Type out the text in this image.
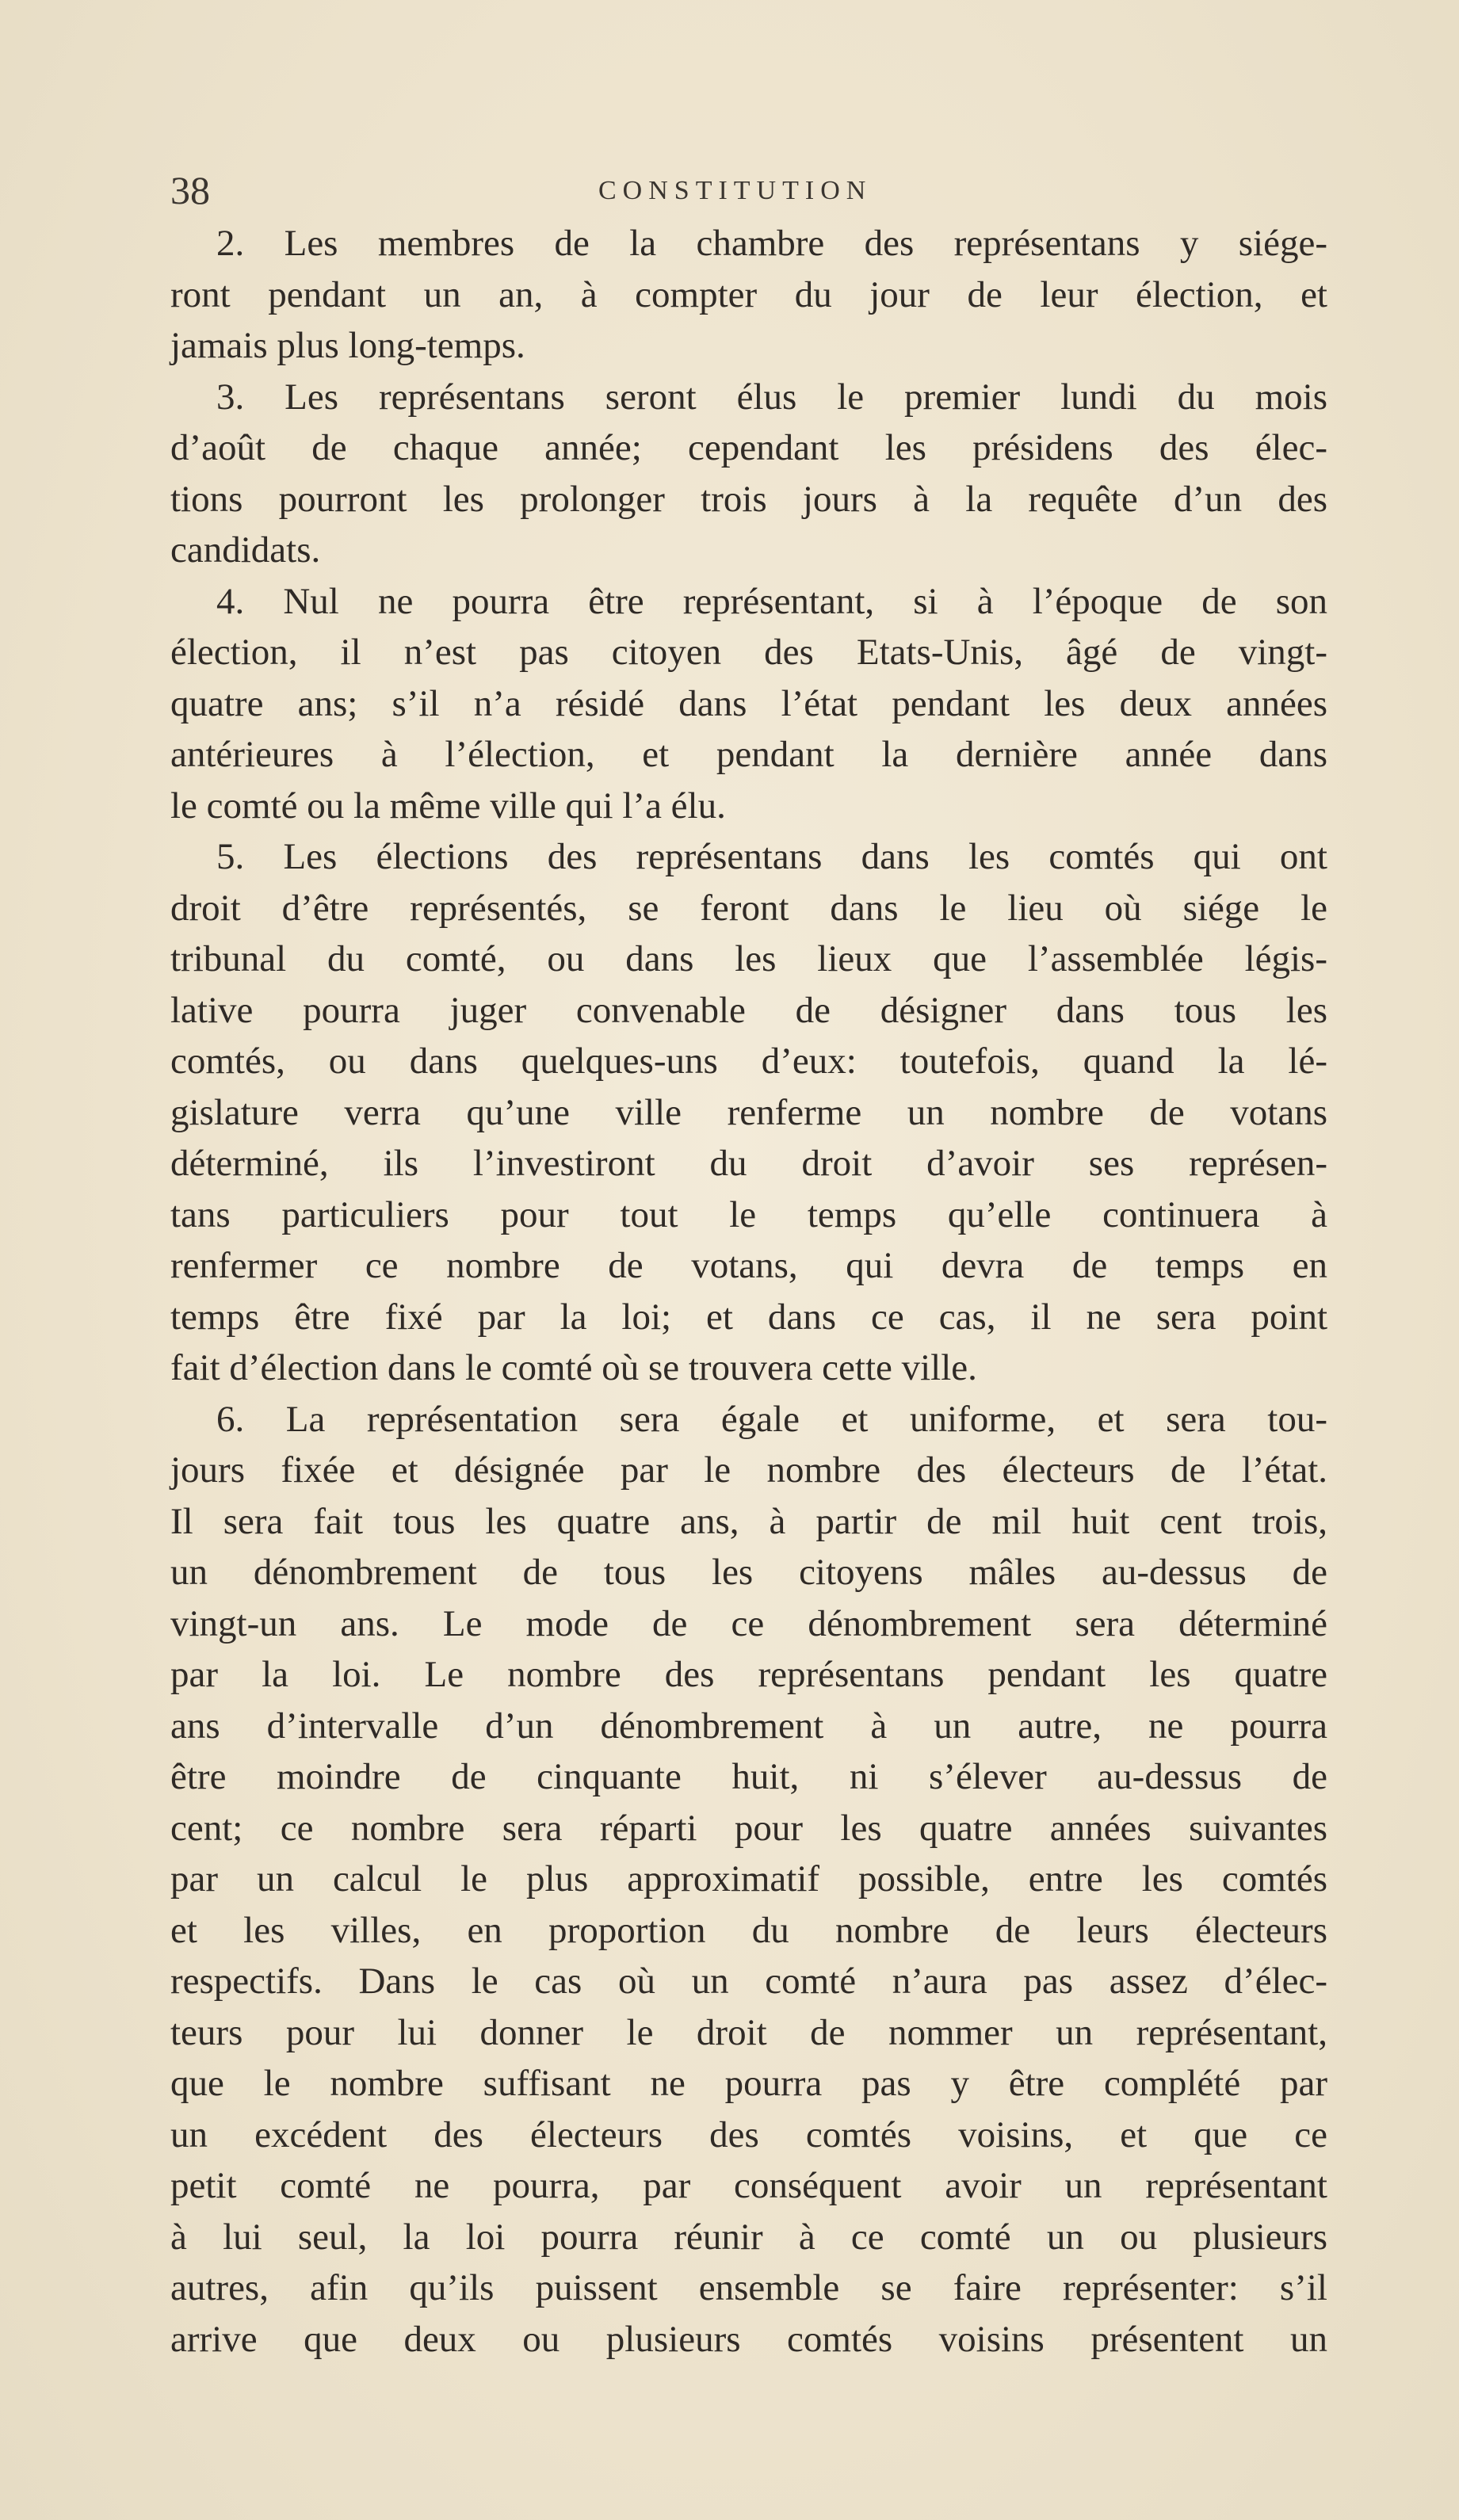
38	CONSTITUTION
2. Les membres de la chambre des représentans y siége-
ront pendant un an, à compter du jour de leur élection, et
jamais plus long-temps.
3. Les représentans seront élus le premier lundi du mois
d’août de chaque année; cependant les présidens des élec-
tions pourront les prolonger trois jours à la requête d’un des
candidats.
4. Nul ne pourra être représentant, si à l’époque de son
élection, il n’est pas citoyen des Etats-Unis, âgé de vingt-
quatre ans; s’il n’a résidé dans l’état pendant les deux années
antérieures à l’élection, et pendant la dernière année dans
le comté ou la même ville qui l’a élu.
5. Les élections des représentans dans les comtés qui ont
droit d’être représentés, se feront dans le lieu où siége le
tribunal du comté, ou dans les lieux que l’assemblée légis-
lative pourra juger convenable de désigner dans tous les
comtés, ou dans quelques-uns d’eux: toutefois, quand la lé-
gislature verra qu’une ville renferme un nombre de votans
déterminé, ils l’investiront du droit d’avoir ses représen-
tans particuliers pour tout le temps qu’elle continuera à
renfermer ce nombre de votans, qui devra de temps en
temps être fixé par la loi; et dans ce cas, il ne sera point
fait d’élection dans le comté où se trouvera cette ville.
6. La représentation sera égale et uniforme, et sera tou-
jours fixée et désignée par le nombre des électeurs de l’état.
Il sera fait tous les quatre ans, à partir de mil huit cent trois,
un dénombrement de tous les citoyens mâles au-dessus de
vingt-un ans. Le mode de ce dénombrement sera déterminé
par la loi. Le nombre des représentans pendant les quatre
ans d’intervalle d’un dénombrement à un autre, ne pourra
être moindre de cinquante huit, ni s’élever au-dessus de
cent; ce nombre sera réparti pour les quatre années suivantes
par un calcul le plus approximatif possible, entre les comtés
et les villes, en proportion du nombre de leurs électeurs
respectifs. Dans le cas où un comté n’aura pas assez d’élec-
teurs pour lui donner le droit de nommer un représentant,
que le nombre suffisant ne pourra pas y être complété par
un excédent des électeurs des comtés voisins, et que ce
petit comté ne pourra, par conséquent avoir un représentant
à lui seul, la loi pourra réunir à ce comté un ou plusieurs
autres, afin qu’ils puissent ensemble se faire représenter: s’il
arrive que deux ou plusieurs comtés voisins présentent un
